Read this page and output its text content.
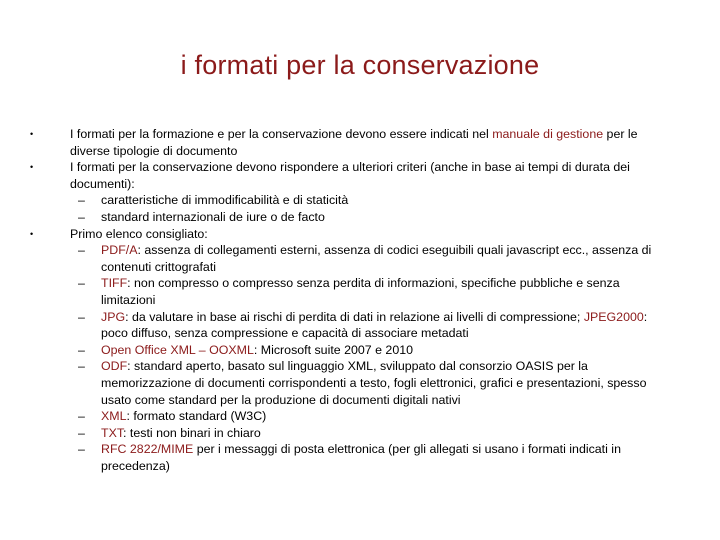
i formati per la conservazione
•	I formati per la formazione e per la conservazione devono essere indicati nel manuale di gestione per le diverse tipologie di documento
•	I formati per la conservazione devono rispondere a ulteriori criteri (anche in base ai tempi di durata dei documenti):
– caratteristiche di immodificabilità e di staticità
– standard internazionali de iure o de facto
•	Primo elenco consigliato:
– PDF/A: assenza di collegamenti esterni, assenza di codici eseguibili quali javascript ecc., assenza di contenuti crittografati
– TIFF: non compresso o compresso senza perdita di informazioni, specifiche pubbliche e senza limitazioni
– JPG: da valutare in base ai rischi di perdita di dati in relazione ai livelli di compressione; JPEG2000: poco diffuso, senza compressione e capacità di associare metadati
– Open Office XML – OOXML: Microsoft suite 2007 e 2010
– ODF: standard aperto, basato sul linguaggio XML, sviluppato dal consorzio OASIS per la memorizzazione di documenti corrispondenti a testo, fogli elettronici, grafici e presentazioni, spesso usato come standard per la produzione di documenti digitali nativi
– XML: formato standard (W3C)
– TXT: testi non binari in chiaro
– RFC 2822/MIME per i messaggi di posta elettronica (per gli allegati si usano i formati indicati in precedenza)
